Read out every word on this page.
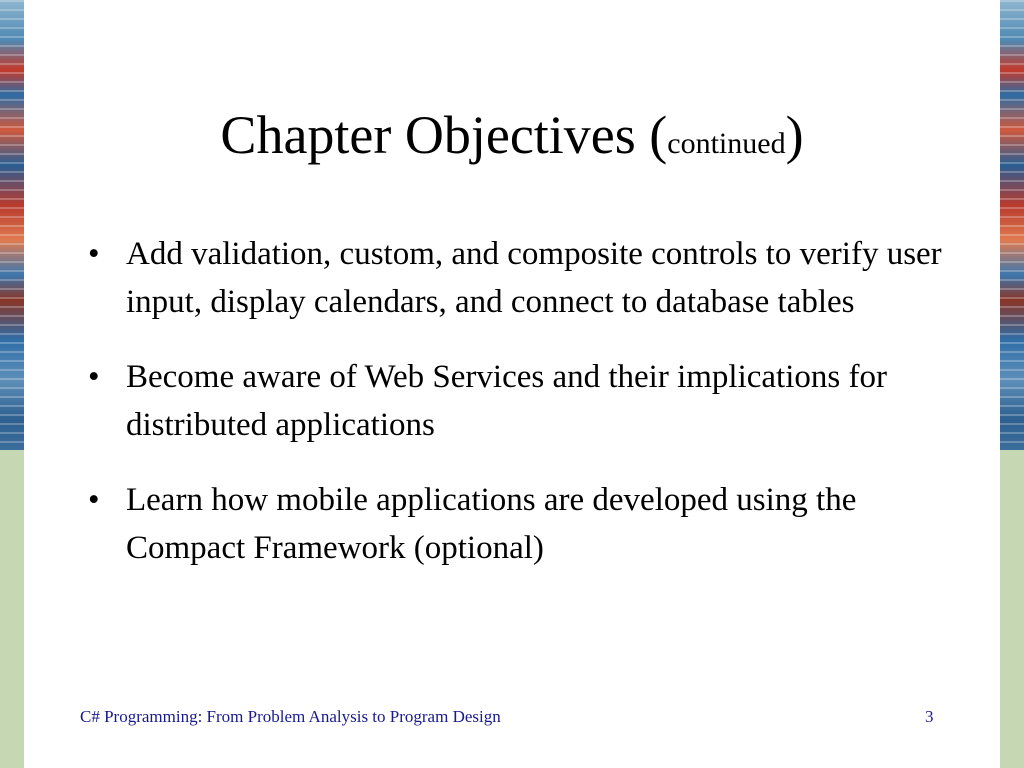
Chapter Objectives (continued)
• Add validation, custom, and composite controls to verify user input, display calendars, and connect to database tables
• Become aware of Web Services and their implications for distributed applications
• Learn how mobile applications are developed using the Compact Framework (optional)
C# Programming: From Problem Analysis to Program Design	3
